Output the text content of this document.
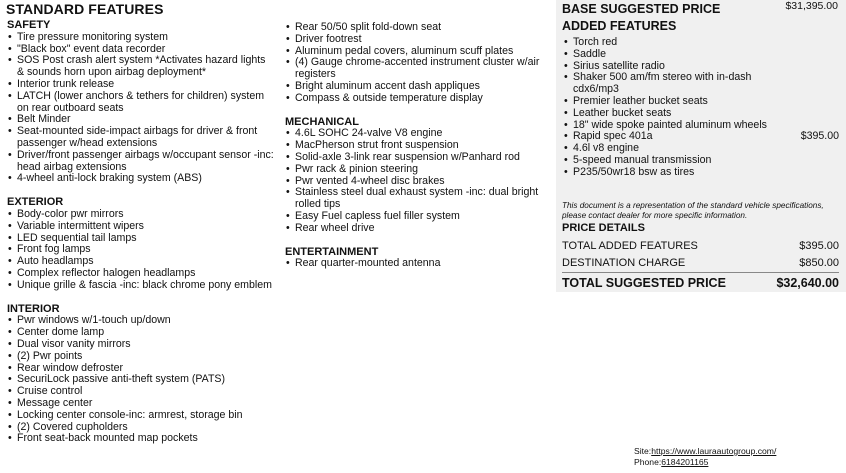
STANDARD FEATURES
SAFETY
• Tire pressure monitoring system
• "Black box" event data recorder
• SOS Post crash alert system *Activates hazard lights & sounds horn upon airbag deployment*
• Interior trunk release
• LATCH (lower anchors & tethers for children) system on rear outboard seats
• Belt Minder
• Seat-mounted side-impact airbags for driver & front passenger w/head extensions
• Driver/front passenger airbags w/occupant sensor -inc: head airbag extensions
• 4-wheel anti-lock braking system (ABS)
EXTERIOR
• Body-color pwr mirrors
• Variable intermittent wipers
• LED sequential tail lamps
• Front fog lamps
• Auto headlamps
• Complex reflector halogen headlamps
• Unique grille & fascia -inc: black chrome pony emblem
INTERIOR
• Pwr windows w/1-touch up/down
• Center dome lamp
• Dual visor vanity mirrors
• (2) Pwr points
• Rear window defroster
• SecuriLock passive anti-theft system (PATS)
• Cruise control
• Message center
• Locking center console-inc: armrest, storage bin
• (2) Covered cupholders
• Front seat-back mounted map pockets
• Rear 50/50 split fold-down seat
• Driver footrest
• Aluminum pedal covers, aluminum scuff plates
• (4) Gauge chrome-accented instrument cluster w/air registers
• Bright aluminum accent dash appliques
• Compass & outside temperature display
MECHANICAL
• 4.6L SOHC 24-valve V8 engine
• MacPherson strut front suspension
• Solid-axle 3-link rear suspension w/Panhard rod
• Pwr rack & pinion steering
• Pwr vented 4-wheel disc brakes
• Stainless steel dual exhaust system -inc: dual bright rolled tips
• Easy Fuel capless fuel filler system
• Rear wheel drive
ENTERTAINMENT
• Rear quarter-mounted antenna
BASE SUGGESTED PRICE	$31,395.00
ADDED FEATURES
• Torch red
• Saddle
• Sirius satellite radio
• Shaker 500 am/fm stereo with in-dash cdx6/mp3
• Premier leather bucket seats
• Leather bucket seats
• 18" wide spoke painted aluminum wheels
• Rapid spec 401a	$395.00
• 4.6l v8 engine
• 5-speed manual transmission
• P235/50wr18 bsw as tires
This document is a representation of the standard vehicle specifications, please contact dealer for more specific information.
PRICE DETAILS
TOTAL ADDED FEATURES	$395.00
DESTINATION CHARGE	$850.00
TOTAL SUGGESTED PRICE	$32,640.00
Site:https://www.lauraautogroup.com/
Phone:6184201165
